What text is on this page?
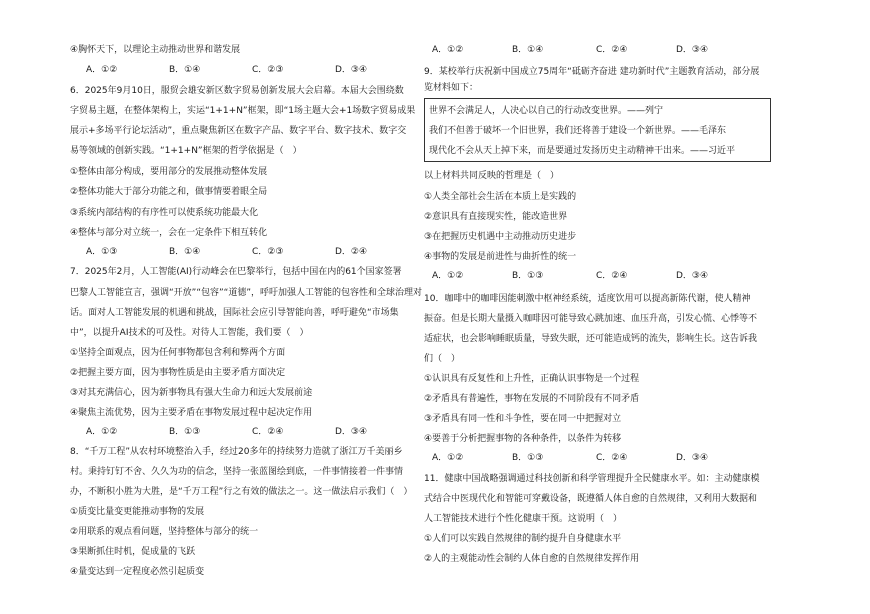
④胸怀天下，以理论主动推动世界和谐发展
A．①②	B．①④	C．②③	D．③④
6．2025年9月10日，服贸会雄安新区数字贸易创新发展大会启幕。本届大会围绕数
字贸易主题，在整体架构上，实运“1+1+N”框架，即“1场主题大会+1场数字贸易成果
展示+多场平行论坛活动”，重点聚焦新区在数字产品、数字平台、数字技术、数字交
易等领域的创新实践。“1+1+N”框架的哲学依据是（　）
①整体由部分构成，要用部分的发展推动整体发展
②整体功能大于部分功能之和，做事情要着眼全局
③系统内部结构的有序性可以使系统功能最大化
④整体与部分对立统一，会在一定条件下相互转化
A．①③	B．①④	C．②③	D．②④
7．2025年2月，人工智能(AI)行动峰会在巴黎举行，包括中国在内的61个国家签署
巴黎人工智能宣言，强调“开放”“包容”“道德”，呼吁加强人工智能的包容性和全球治理对
话。面对人工智能发展的机遇和挑战，国际社会应引导智能向善，呼吁避免“市场集
中”，以提升AI技术的可及性。对待人工智能，我们要（　）
①坚持全面观点，因为任何事物都包含利和弊两个方面
②把握主要方面，因为事物性质是由主要矛盾方面决定
③对其充满信心，因为新事物具有强大生命力和远大发展前途
④聚焦主流优势，因为主要矛盾在事物发展过程中起决定作用
A．①②	B．①③	C．②④	D．③④
8．“千万工程”从农村环境整治入手，经过20多年的持续努力造就了浙江万千美丽乡
村。秉持钉钉不舍、久久为功的信念，坚持一张蓝图绘到底，一件事情接着一件事情
办，不断积小胜为大胜，是“千万工程”行之有效的做法之一。这一做法启示我们（　）
①质变比量变更能推动事物的发展
②用联系的观点看问题，坚持整体与部分的统一
③果断抓住时机，促成量的飞跃
④量变达到一定程度必然引起质变
A．①②	B．①④	C．②④	D．③④
9．某校举行庆祝新中国成立75周年“砥砺齐奋进 建功新时代”主题教育活动，部分展
览材料如下：
世界不会满足人，人决心以自己的行动改变世界。——列宁
我们不但善于破坏一个旧世界，我们还将善于建设一个新世界。——毛泽东
现代化不会从天上掉下来，而是要通过发扬历史主动精神干出来。——习近平
以上材料共同反映的哲理是（　）
①人类全部社会生活在本质上是实践的
②意识具有直接现实性，能改造世界
③在把握历史机遇中主动推动历史进步
④事物的发展是前进性与曲折性的统一
A．①②	B．①③	C．②④	D．③④
10．咖啡中的咖啡因能刺激中枢神经系统，适度饮用可以提高新陈代谢，使人精神
振奋。但是长期大量摄入咖啡因可能导致心跳加速、血压升高，引发心慌、心悸等不
适症状，也会影响睡眠质量，导致失眠，还可能造成钙的流失，影响生长。这告诉我
们（　）
①认识具有反复性和上升性，正确认识事物是一个过程
②矛盾具有普遍性，事物在发展的不同阶段有不同矛盾
③矛盾具有同一性和斗争性，要在同一中把握对立
④要善于分析把握事物的各种条件，以条件为转移
A．①②	B．①③	C．②④	D．③④
11．健康中国战略强调通过科技创新和科学管理提升全民健康水平。如：主动健康模
式结合中医现代化和智能可穿戴设备，既遵循人体自愈的自然规律，又利用大数据和
人工智能技术进行个性化健康干预。这说明（　）
①人们可以实践自然规律的制约提升自身健康水平
②人的主观能动性会制约人体自愈的自然规律发挥作用
